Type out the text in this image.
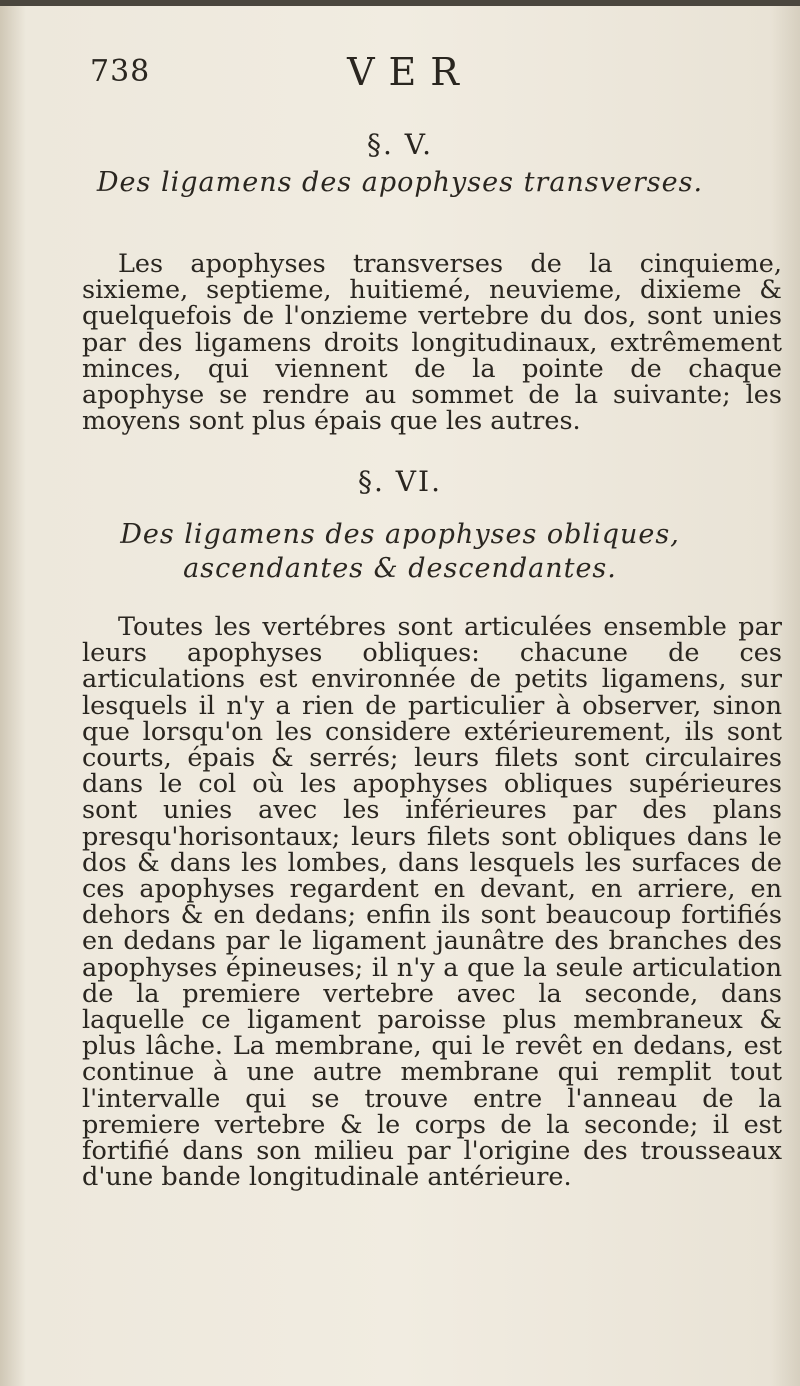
738	VER
§. V.
Des ligamens des apophyses transverses.

Les apophyses transverses de la cinquieme, sixieme, septieme, huitiemé, neuvieme, dixieme & quelquefois de l'onzieme vertebre du dos, sont unies par des ligamens droits longitudinaux, extrêmement minces, qui viennent de la pointe de chaque apophyse se rendre au sommet de la suivante; les moyens sont plus épais que les autres.

§. VI.
Des ligamens des apophyses obliques, ascendantes & descendantes.

Toutes les vertébres sont articulées ensemble par leurs apophyses obliques: chacune de ces articulations est environnée de petits ligamens, sur lesquels il n'y a rien de particulier à observer, sinon que lorsqu'on les considere extérieurement, ils sont courts, épais & serrés; leurs filets sont circulaires dans le col où les apophyses obliques supérieures sont unies avec les inférieures par des plans presqu'horisontaux; leurs filets sont obliques dans le dos & dans les lombes, dans lesquels les surfaces de ces apophyses regardent en devant, en arriere, en dehors & en dedans; enfin ils sont beaucoup fortifiés en dedans par le ligament jaunâtre des branches des apophyses épineuses; il n'y a que la seule articulation de la premiere vertebre avec la seconde, dans laquelle ce ligament paroisse plus membraneux & plus lâche. La membrane, qui le revêt en dedans, est continue à une autre membrane qui remplit tout l'intervalle qui se trouve entre l'anneau de la premiere vertebre & le corps de la seconde; il est fortifié dans son milieu par l'origine des trousseaux d'une bande longitudinale antérieure.
